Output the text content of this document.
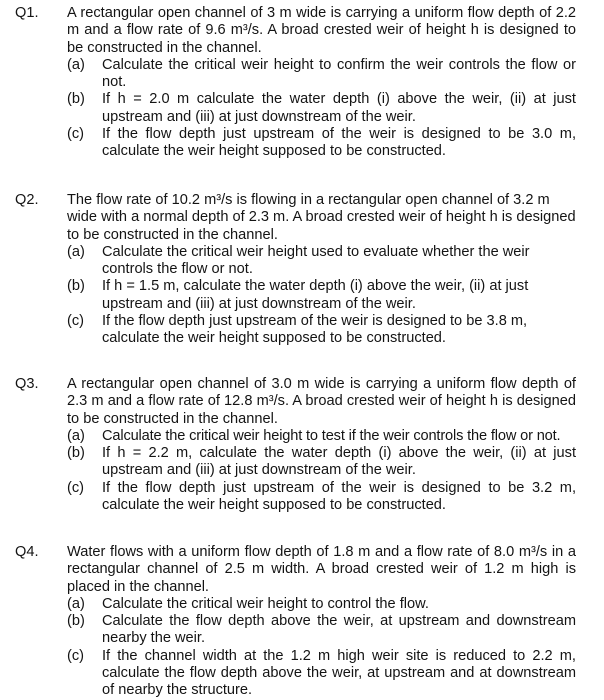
Q1. A rectangular open channel of 3 m wide is carrying a uniform flow depth of 2.2 m and a flow rate of 9.6 m³/s. A broad crested weir of height h is designed to be constructed in the channel.
(a) Calculate the critical weir height to confirm the weir controls the flow or not.
(b) If h = 2.0 m calculate the water depth (i) above the weir, (ii) at just upstream and (iii) at just downstream of the weir.
(c) If the flow depth just upstream of the weir is designed to be 3.0 m, calculate the weir height supposed to be constructed.
Q2. The flow rate of 10.2 m³/s is flowing in a rectangular open channel of 3.2 m wide with a normal depth of 2.3 m. A broad crested weir of height h is designed to be constructed in the channel.
(a) Calculate the critical weir height used to evaluate whether the weir controls the flow or not.
(b) If h = 1.5 m, calculate the water depth (i) above the weir, (ii) at just upstream and (iii) at just downstream of the weir.
(c) If the flow depth just upstream of the weir is designed to be 3.8 m, calculate the weir height supposed to be constructed.
Q3. A rectangular open channel of 3.0 m wide is carrying a uniform flow depth of 2.3 m and a flow rate of 12.8 m³/s. A broad crested weir of height h is designed to be constructed in the channel.
(a) Calculate the critical weir height to test if the weir controls the flow or not.
(b) If h = 2.2 m, calculate the water depth (i) above the weir, (ii) at just upstream and (iii) at just downstream of the weir.
(c) If the flow depth just upstream of the weir is designed to be 3.2 m, calculate the weir height supposed to be constructed.
Q4. Water flows with a uniform flow depth of 1.8 m and a flow rate of 8.0 m³/s in a rectangular channel of 2.5 m width. A broad crested weir of 1.2 m high is placed in the channel.
(a) Calculate the critical weir height to control the flow.
(b) Calculate the flow depth above the weir, at upstream and downstream nearby the weir.
(c) If the channel width at the 1.2 m high weir site is reduced to 2.2 m, calculate the flow depth above the weir, at upstream and at downstream of nearby the structure.
